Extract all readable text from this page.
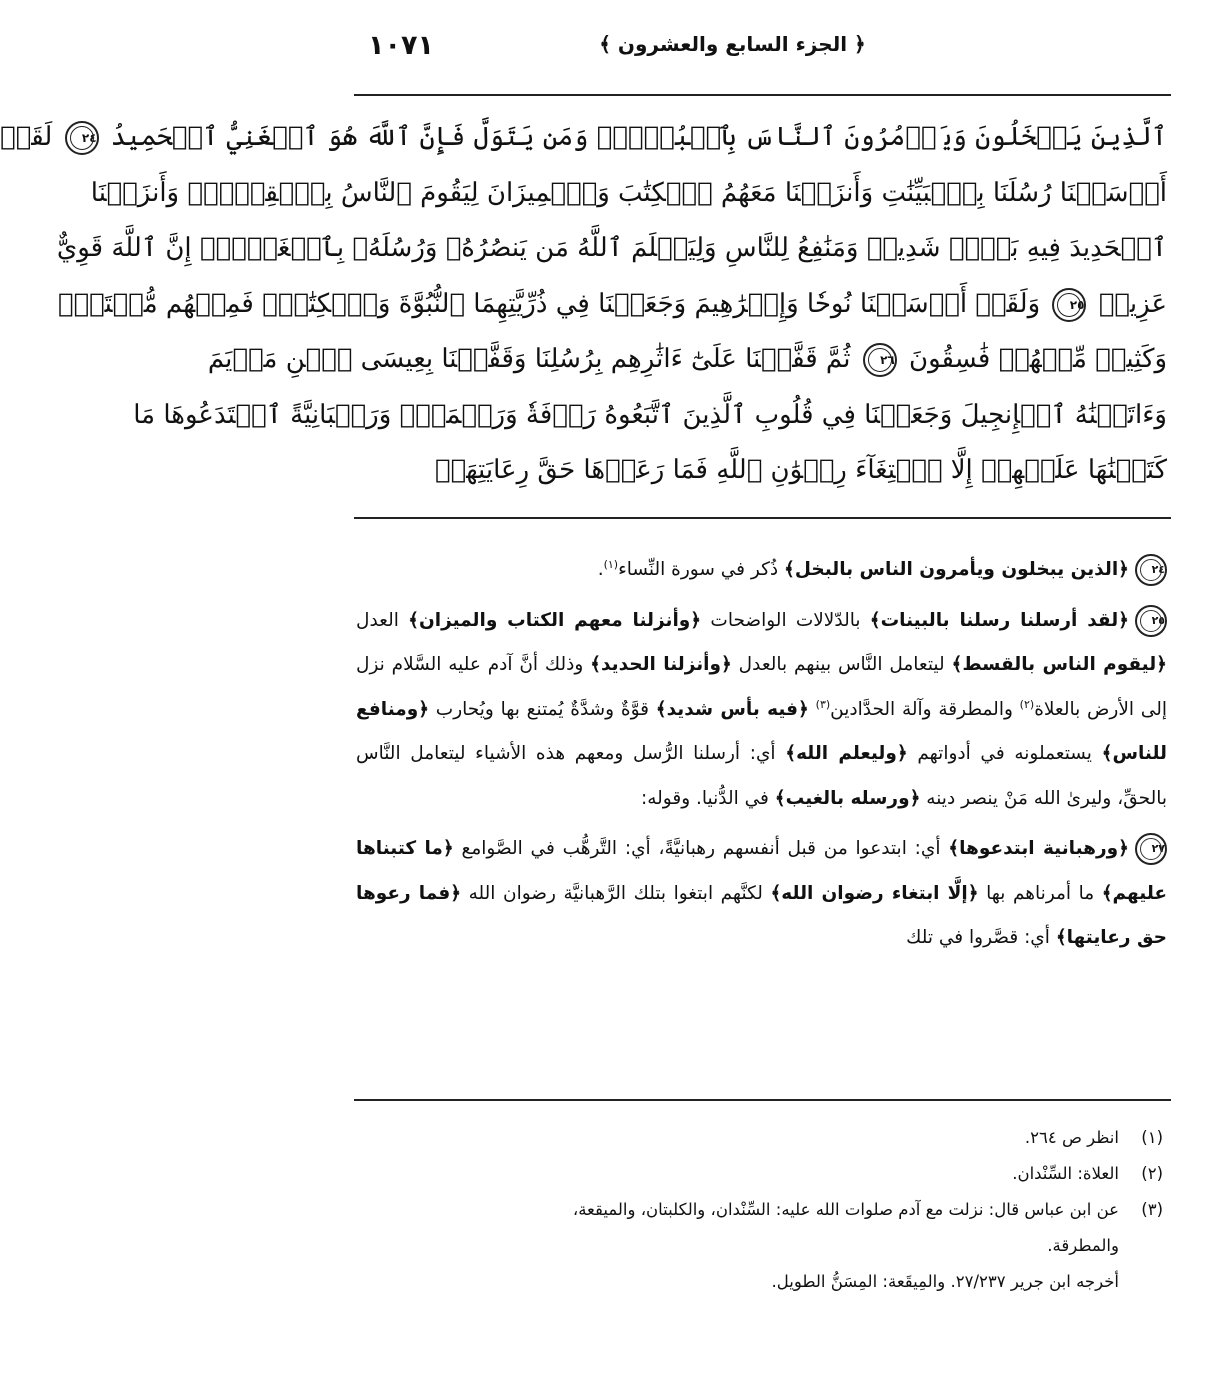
١٠٧١	﴿ الجزء السابع والعشرون ﴾
ٱلَّذِينَ يَبۡخَلُونَ وَيَأۡمُرُونَ ٱلنَّاسَ بِٱلۡبُخۡلِۗ وَمَن يَتَوَلَّ فَإِنَّ ٱللَّهَ هُوَ ٱلۡغَنِيُّ ٱلۡحَمِيدُ ٢٤ لَقَدۡ
أَرۡسَلۡنَا رُسُلَنَا بِٱلۡبَيِّنَٰتِ وَأَنزَلۡنَا مَعَهُمُ ٱلۡكِتَٰبَ وَٱلۡمِيزَانَ لِيَقُومَ ٱلنَّاسُ بِٱلۡقِسۡطِۖ وَأَنزَلۡنَا
ٱلۡحَدِيدَ فِيهِ بَأۡسٞ شَدِيدٞ وَمَنَٰفِعُ لِلنَّاسِ وَلِيَعۡلَمَ ٱللَّهُ مَن يَنصُرُهُۥ وَرُسُلَهُۥ بِٱلۡغَيۡبِۚ إِنَّ ٱللَّهَ قَوِيٌّ
عَزِيزٞ ٢٥ وَلَقَدۡ أَرۡسَلۡنَا نُوحٗا وَإِبۡرَٰهِيمَ وَجَعَلۡنَا فِي ذُرِّيَّتِهِمَا ٱلنُّبُوَّةَ وَٱلۡكِتَٰبَۖ فَمِنۡهُم مُّهۡتَدٖۖ
وَكَثِيرٞ مِّنۡهُمۡ فَٰسِقُونَ ٢٦ ثُمَّ قَفَّيۡنَا عَلَىٰٓ ءَاثَٰرِهِم بِرُسُلِنَا وَقَفَّيۡنَا بِعِيسَى ٱبۡنِ مَرۡيَمَ
وَءَاتَيۡنَٰهُ ٱلۡإِنجِيلَ وَجَعَلۡنَا فِي قُلُوبِ ٱلَّذِينَ ٱتَّبَعُوهُ رَأۡفَةٗ وَرَحۡمَةٗۚ وَرَهۡبَانِيَّةً ٱبۡتَدَعُوهَا مَا
كَتَبۡنَٰهَا عَلَيۡهِمۡ إِلَّا ٱبۡتِغَآءَ رِضۡوَٰنِ ٱللَّهِ فَمَا رَعَوۡهَا حَقَّ رِعَايَتِهَاۖ
٢٤﴿الذين يبخلون ويأمرون الناس بالبخل﴾ ذُكر في سورة النِّساء$^{(١)}$.
٢٥﴿لقد أرسلنا رسلنا بالبينات﴾ بالدّلالات الواضحات ﴿وأنزلنا معهم الكتاب والميزان﴾ العدل ﴿ليقوم الناس بالقسط﴾ ليتعامل النَّاس بينهم بالعدل ﴿وأنزلنا الحديد﴾ وذلك أنَّ آدم عليه السَّلام نزل إلى الأرض بالعلاة$^{(٢)}$ والمطرقة وآلة الحدَّادين$^{(٣)}$ ﴿فيه بأس شديد﴾ قوَّةٌ وشدَّةٌ يُمتنع بها ويُحارب ﴿ومنافع للناس﴾ يستعملونه في أدواتهم ﴿وليعلم الله﴾ أي: أرسلنا الرُّسل ومعهم هذه الأشياء ليتعامل النَّاس بالحقِّ، وليرىٰ الله مَنْ ينصر دينه ﴿ورسله بالغيب﴾ في الدُّنيا. وقوله:
٢٧﴿ورهبانية ابتدعوها﴾ أي: ابتدعوا من قبل أنفسهم رهبانيَّةً، أي: التَّرهُّب في الصَّوامع ﴿ما كتبناها عليهم﴾ ما أمرناهم بها ﴿إلَّا ابتغاء رضوان الله﴾ لكنَّهم ابتغوا بتلك الرَّهبانيَّة رضوان الله ﴿فما رعوها حق رعايتها﴾ أي: قصَّروا في تلك
(١)
انظر ص ٢٦٤.
(٢)
العلاة: السِّنْدان.
(٣)
عن ابن عباس قال: نزلت مع آدم صلوات الله عليه: السِّنْدان، والكلبتان، والميقعة،
والمطرقة.
أخرجه ابن جرير ٢٧/٢٣٧. والمِيقَعة: المِسَنُّ الطويل.
